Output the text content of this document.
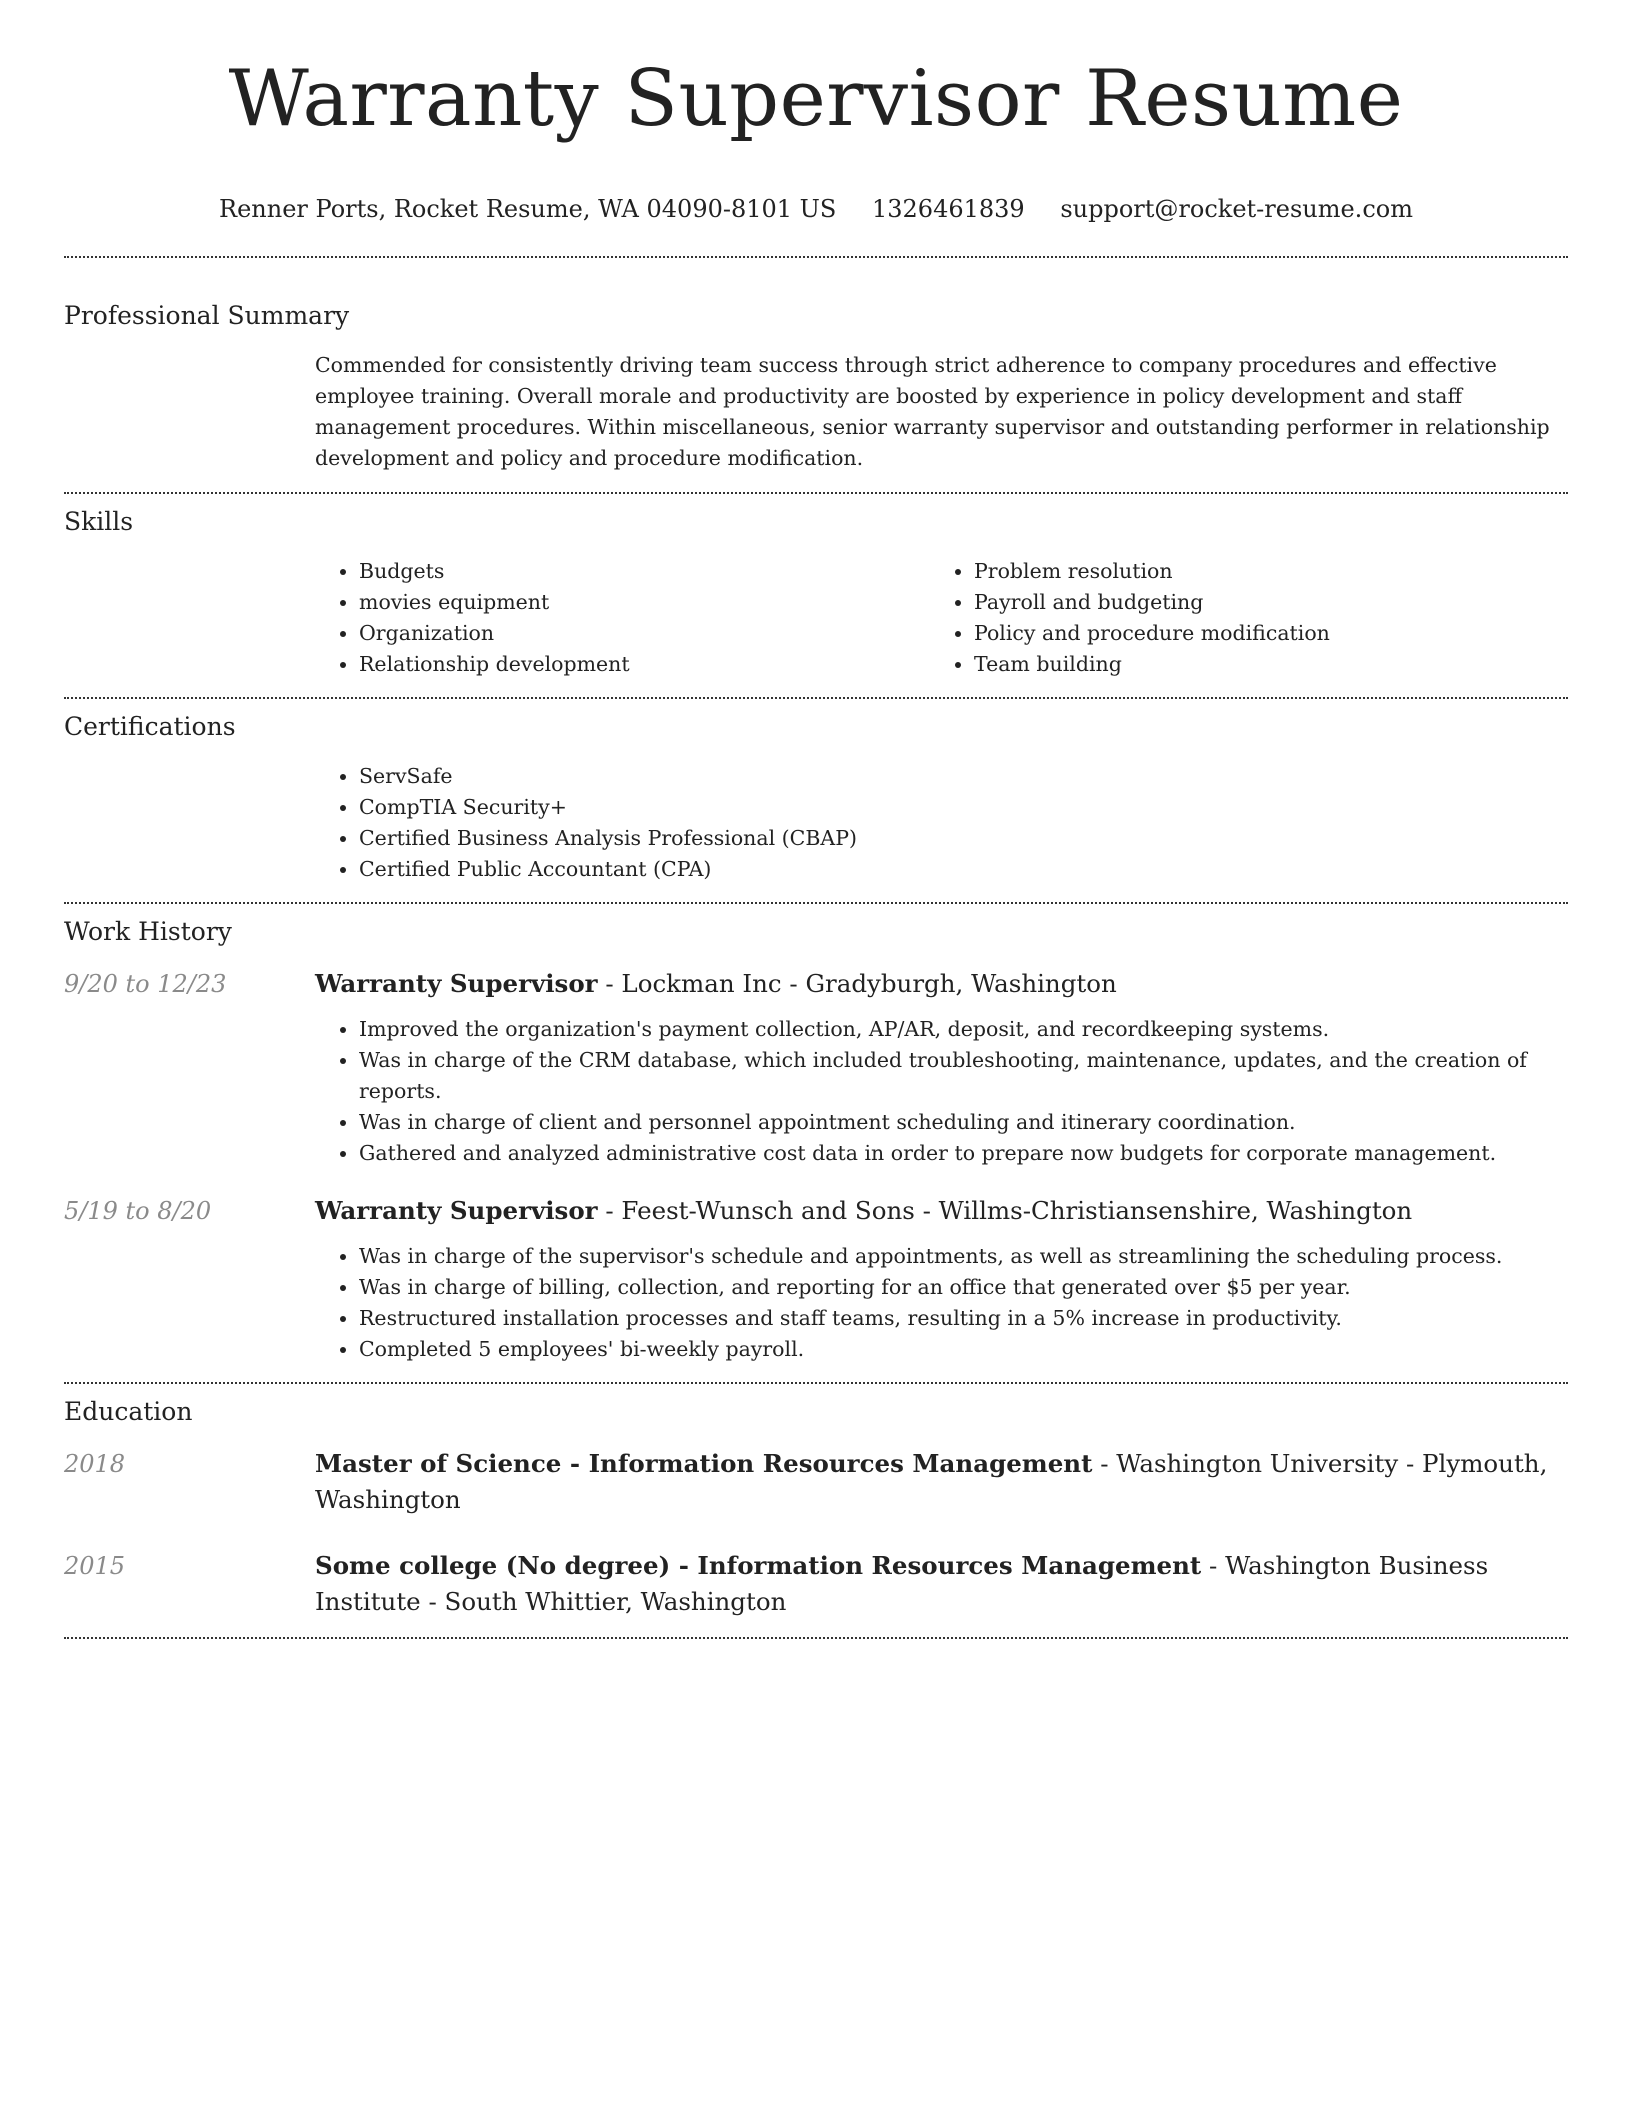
Warranty Supervisor Resume
Renner Ports, Rocket Resume, WA 04090-8101 US 1326461839 support@rocket-resume.com
Professional Summary

Commended for consistently driving team success through strict adherence to company procedures and effective employee training. Overall morale and productivity are boosted by experience in policy development and staff management procedures. Within miscellaneous, senior warranty supervisor and outstanding performer in relationship development and policy and procedure modification.

Skills
• Budgets
• movies equipment
• Organization
• Relationship development
• Problem resolution
• Payroll and budgeting
• Policy and procedure modification
• Team building
Certifications
• ServSafe
• CompTIA Security+
• Certified Business Analysis Professional (CBAP)
• Certified Public Accountant (CPA)
Work History
9/20 to 12/23	Warranty Supervisor - Lockman Inc - Gradyburgh, Washington
• Improved the organization's payment collection, AP/AR, deposit, and recordkeeping systems.
• Was in charge of the CRM database, which included troubleshooting, maintenance, updates, and the creation of reports.
• Was in charge of client and personnel appointment scheduling and itinerary coordination.
• Gathered and analyzed administrative cost data in order to prepare now budgets for corporate management.
5/19 to 8/20	Warranty Supervisor - Feest-Wunsch and Sons - Willms-Christiansenshire, Washington
• Was in charge of the supervisor's schedule and appointments, as well as streamlining the scheduling process.
• Was in charge of billing, collection, and reporting for an office that generated over $5 per year.
• Restructured installation processes and staff teams, resulting in a 5% increase in productivity.
• Completed 5 employees' bi-weekly payroll.
Education
2018	Master of Science - Information Resources Management - Washington University - Plymouth, Washington
2015	Some college (No degree) - Information Resources Management - Washington Business Institute - South Whittier, Washington
